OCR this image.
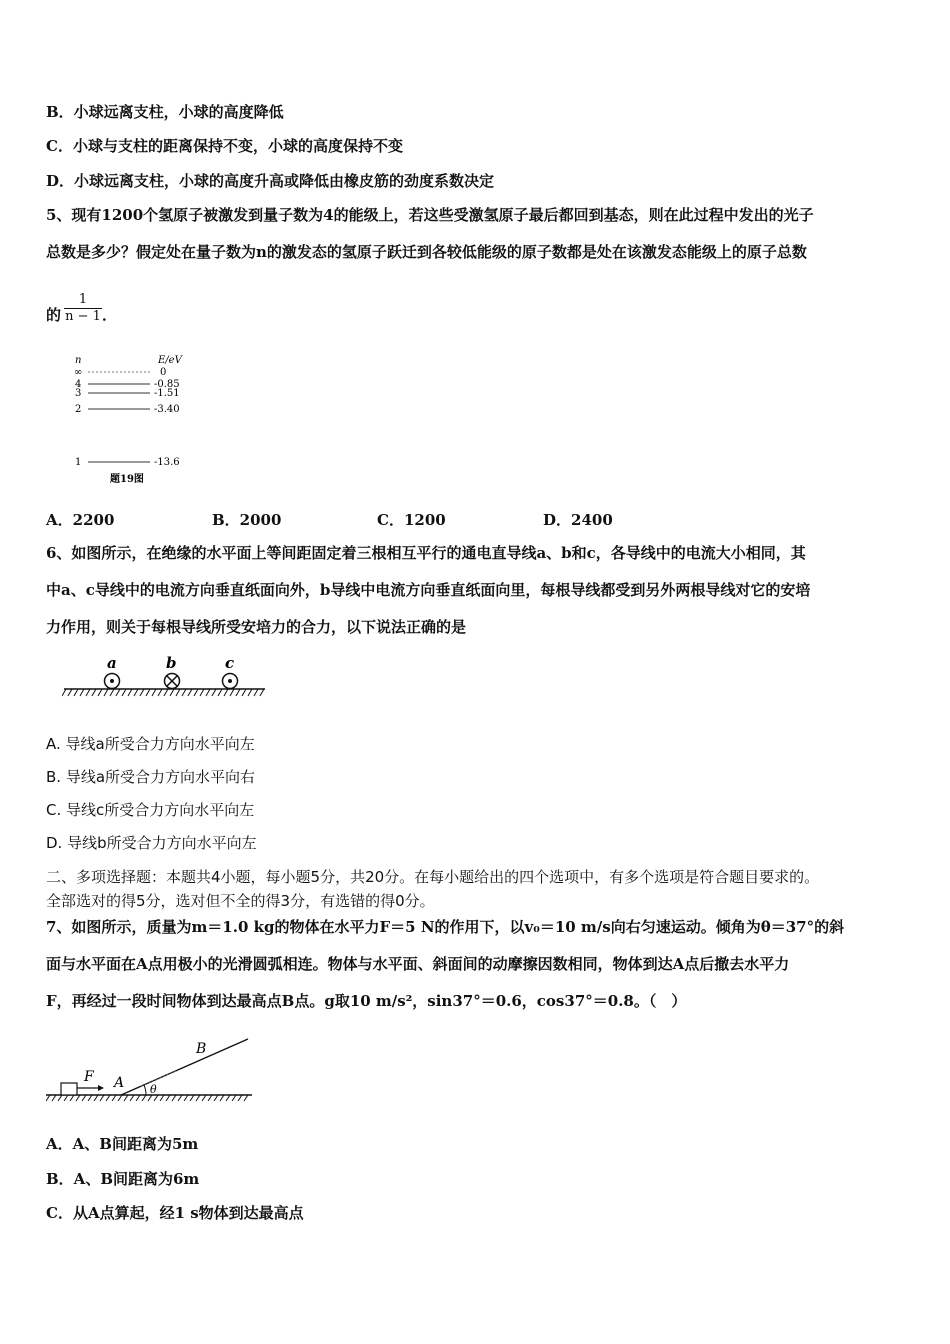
B．小球远离支柱，小球的高度降低
C．小球与支柱的距离保持不变，小球的高度保持不变
D．小球远离支柱，小球的高度升高或降低由橡皮筋的劲度系数决定
5、现有1200个氢原子被激发到量子数为4的能级上，若这些受激氢原子最后都回到基态，则在此过程中发出的光子
总数是多少？假定处在量子数为n的激发态的氢原子跃迁到各较低能级的原子数都是处在该激发态能级上的原子总数
的 $\frac{1}{n - 1}$ ．
n	E/eV
∞	0
4	-0.85
3	-1.51
2	-3.40
1	-13.6
题19图
A．2200	B．2000	C．1200	D．2400
6、如图所示，在绝缘的水平面上等间距固定着三根相互平行的通电直导线a、b和c，各导线中的电流大小相同，其
中a、c导线中的电流方向垂直纸面向外，b导线中电流方向垂直纸面向里，每根导线都受到另外两根导线对它的安培
力作用，则关于每根导线所受安培力的合力，以下说法正确的是
a	b	c
A. 导线a所受合力方向水平向左
B. 导线a所受合力方向水平向右
C. 导线c所受合力方向水平向左
D. 导线b所受合力方向水平向左
二、多项选择题：本题共4小题，每小题5分，共20分。在每小题给出的四个选项中，有多个选项是符合题目要求的。
全部选对的得5分，选对但不全的得3分，有选错的得0分。
7、如图所示，质量为m＝1.0 kg的物体在水平力F＝5 N的作用下，以v₀＝10 m/s向右匀速运动。倾角为θ＝37°的斜
面与水平面在A点用极小的光滑圆弧相连。物体与水平面、斜面间的动摩擦因数相同，物体到达A点后撤去水平力
F，再经过一段时间物体到达最高点B点。g取10 m/s²，sin37°＝0.6，cos37°＝0.8。（　）
F
θ
A
B
A．A、B间距离为5m
B．A、B间距离为6m
C．从A点算起，经1 s物体到达最高点
